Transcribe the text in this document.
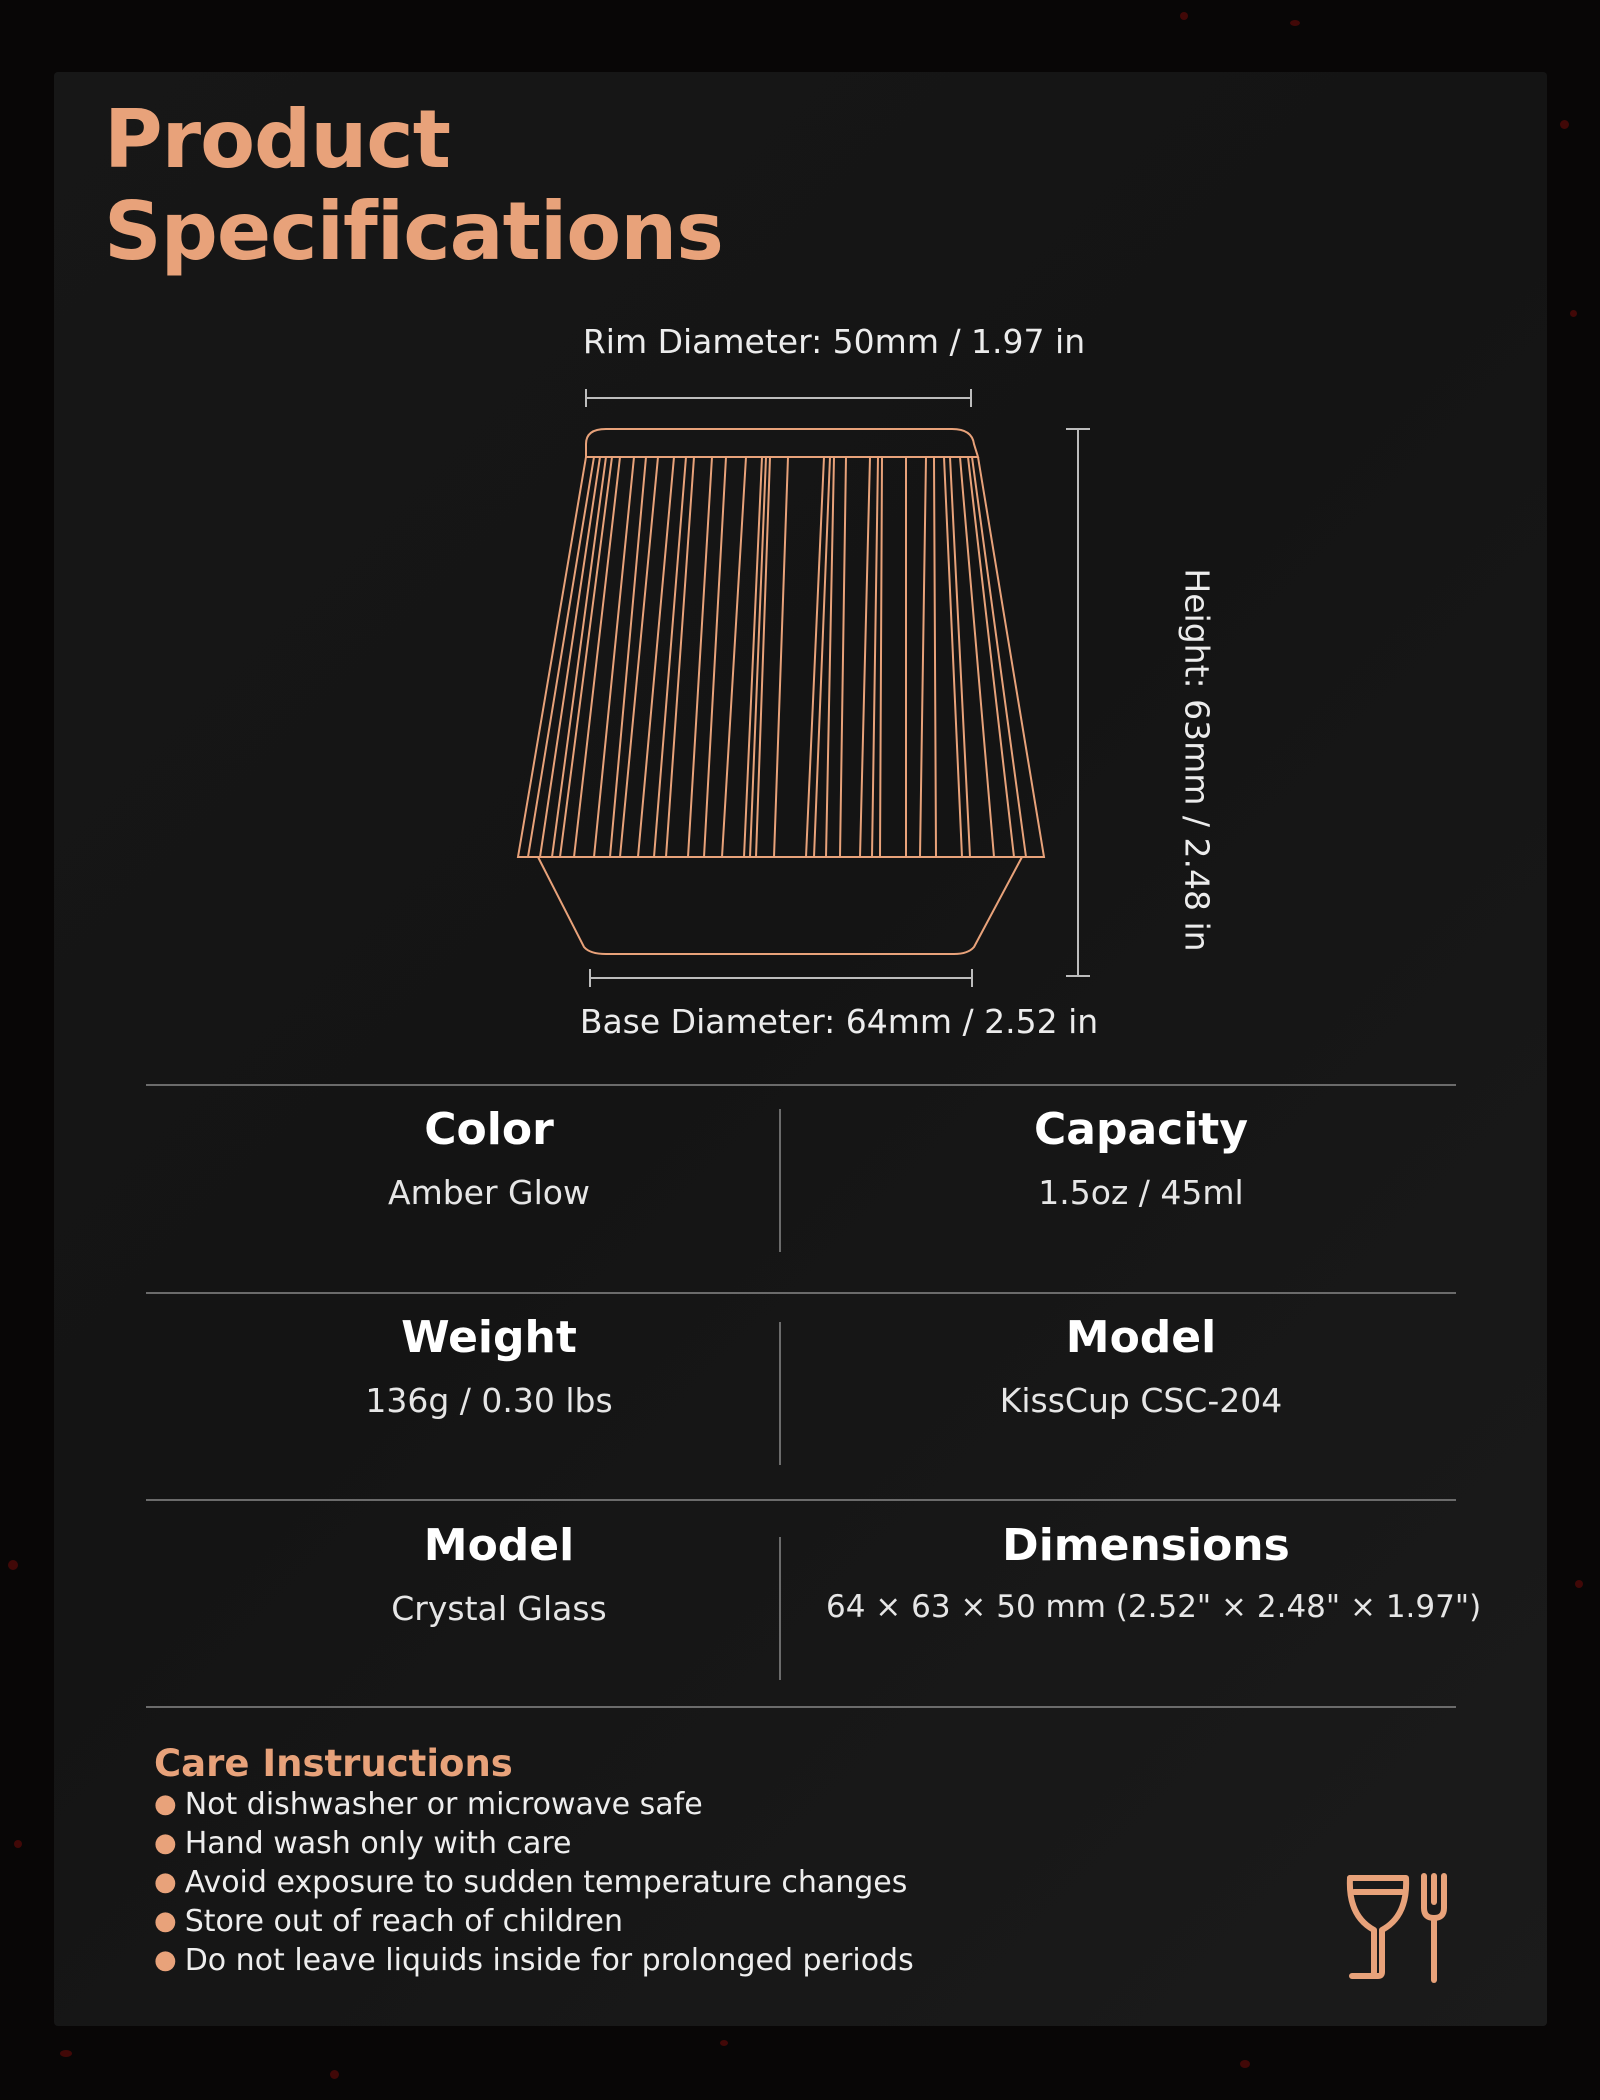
Product
Specifications
Rim Diameter: 50mm / 1.97 in
Height: 63mm / 2.48 in
Base Diameter: 64mm / 2.52 in
Color
Amber Glow
Capacity
1.5oz / 45ml
Weight
136g / 0.30 lbs
Model
KissCup CSC-204
Model
Crystal Glass
Dimensions
64 × 63 × 50 mm (2.52" × 2.48" × 1.97")
Care Instructions
● Not dishwasher or microwave safe
● Hand wash only with care
● Avoid exposure to sudden temperature changes
● Store out of reach of children
● Do not leave liquids inside for prolonged periods
